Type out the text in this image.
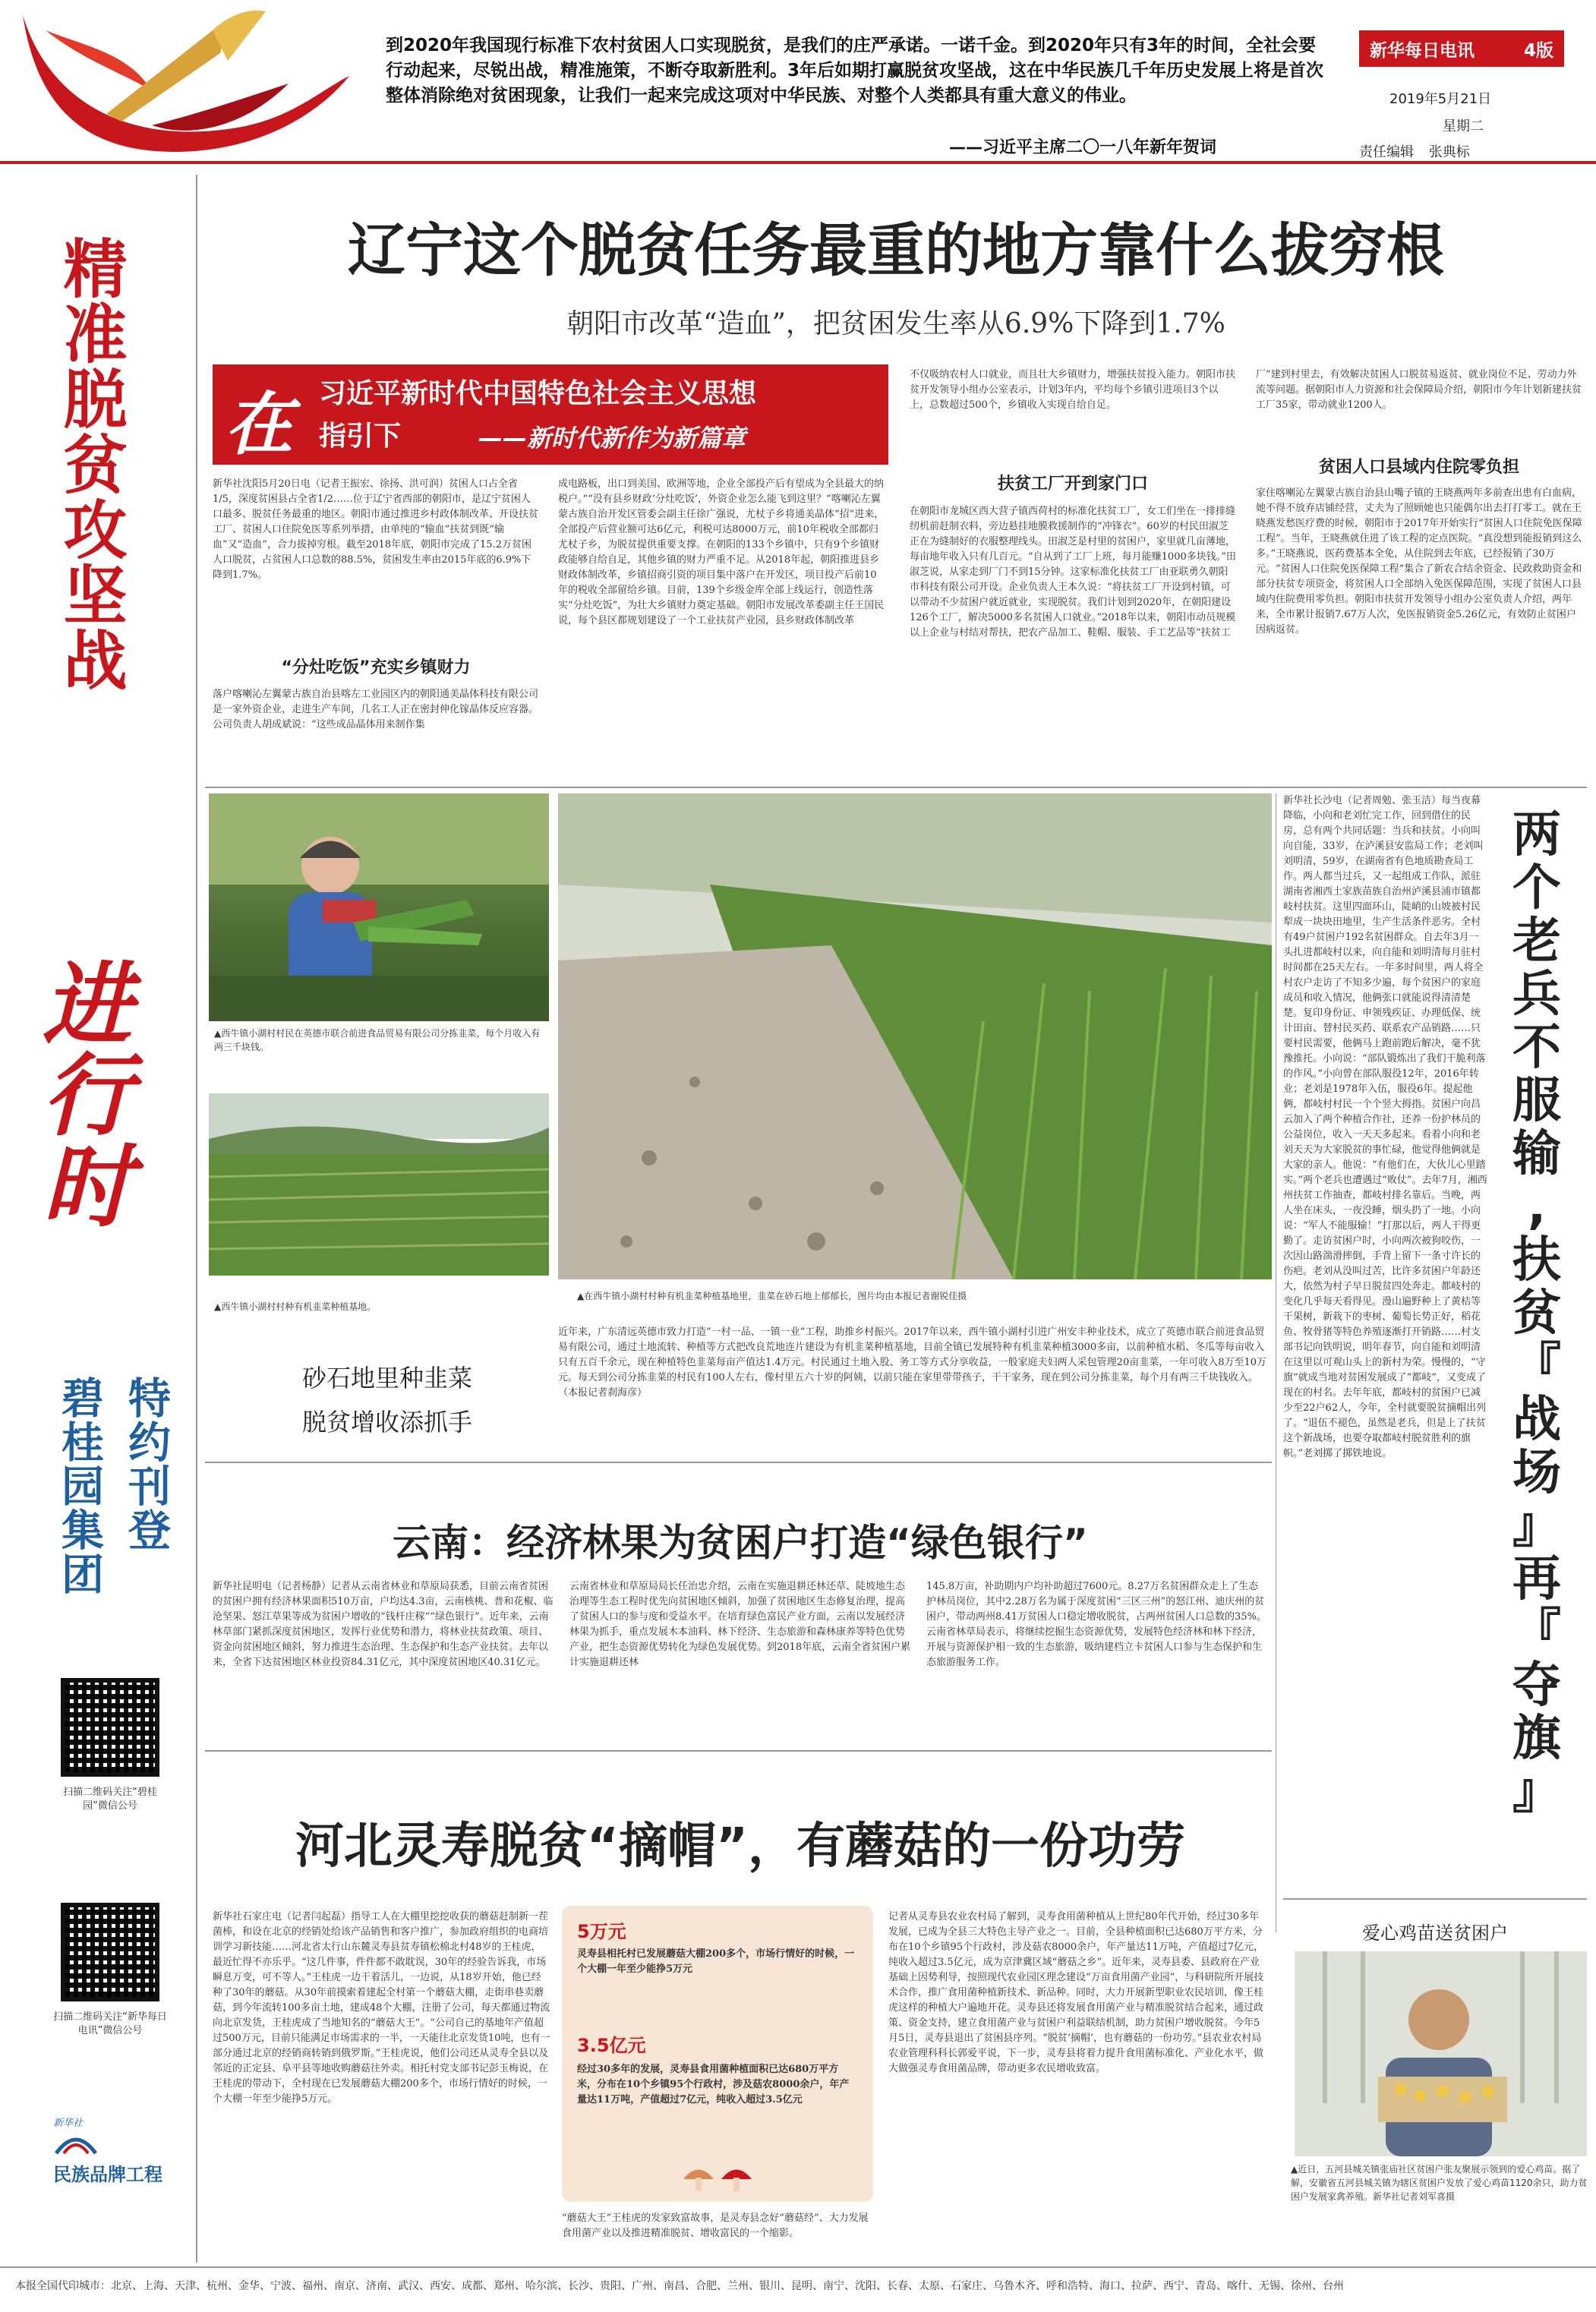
到2020年我国现行标准下农村贫困人口实现脱贫，是我们的庄严承诺。一诺千金。到2020年只有3年的时间，全社会要行动起来，尽锐出战，精准施策，不断夺取新胜利。3年后如期打赢脱贫攻坚战，这在中华民族几千年历史发展上将是首次整体消除绝对贫困现象，让我们一起来完成这项对中华民族、对整个人类都具有重大意义的伟业。
——习近平主席二〇一八年新年贺词
新华每日电讯	4版
2019年5月21日
星期二
责任编辑 张典标
精准脱贫攻坚战
进行时
碧桂园集团 特约刊登
扫描二维码关注“碧桂园”微信公号
扫描二维码关注“新华每日电讯”微信公号
新华社
民族品牌工程
辽宁这个脱贫任务最重的地方靠什么拔穷根
朝阳市改革“造血”，把贫困发生率从6.9%下降到1.7%
在 习近平新时代中国特色社会主义思想
指引下	——新时代新作为新篇章
新华社沈阳5月20日电（记者王振宏、徐扬、洪可润）贫困人口占全省1/5，深度贫困县占全省1/2……位于辽宁省西部的朝阳市，是辽宁贫困人口最多、脱贫任务最重的地区。朝阳市通过推进乡村政体制改革、开设扶贫工厂、贫困人口住院免医等系列举措，由单纯的“输血”扶贫到既“输血”又“造血”，合力拔掉穷根。截至2018年底，朝阳市完成了15.2万贫困人口脱贫，占贫困人口总数的88.5%，贫困发生率由2015年底的6.9%下降到1.7%。
“分灶吃饭”充实乡镇财力
落户喀喇沁左翼蒙古族自治县喀左工业园区内的朝阳通美晶体科技有限公司是一家外资企业，走进生产车间，几名工人正在密封伸化镓晶体反应容器。公司负责人胡成斌说：“这些成品晶体用来制作集
成电路板，出口到美国、欧洲等地，企业全部投产后有望成为全县最大的纳税户。”“没有县乡财政‘分灶吃饭’，外资企业怎么能飞到这里？”喀喇沁左翼蒙古族自治开发区管委会副主任徐广强说，尤杖子乡将通美晶体“招”进来，全部投产后营业额可达6亿元，利税可达8000万元，前10年税收全部都归尤杖子乡，为脱贫提供重要支撑。在朝阳的133个乡镇中，只有9个乡镇财政能够自给自足，其他乡镇的财力严重不足。从2018年起，朝阳推进县乡财政体制改革，乡镇招商引资的项目集中落户在开发区，项目投产后前10年的税收全部留给乡镇。目前，139个乡级金库全部上线运行，创造性落实“分灶吃饭”，为壮大乡镇财力奠定基础。朝阳市发展改革委副主任王国民说，每个县区都规划建设了一个工业扶贫产业园，县乡财政体制改革
不仅吸纳农村人口就业，而且壮大乡镇财力，增强扶贫投入能力。朝阳市扶贫开发领导小组办公室表示，计划3年内，平均每个乡镇引进项目3个以上，总数超过500个，乡镇收入实现自给自足。
扶贫工厂开到家门口
在朝阳市龙城区西大营子镇西荷村的标准化扶贫工厂，女工们坐在一排排缝纫机前赶制衣料，旁边悬挂地膜救援制作的“冲锋衣”。60岁的村民田淑芝正在为缝制好的衣服整理线头。田淑芝是村里的贫困户，家里就几亩薄地，每亩地年收入只有几百元。“自从到了工厂上班，每月能赚1000多块钱。”田淑芝说，从家走到厂门不到15分钟。这家标准化扶贫工厂由亚联勇久朝阳市科技有限公司开设。企业负责人王本久说：“将扶贫工厂开设到村镇，可以带动不少贫困户就近就业，实现脱贫。我们计划到2020年，在朝阳建设126个工厂，解决5000多名贫困人口就业。”2018年以来，朝阳市动员规模以上企业与村结对帮扶，把农产品加工、鞋帽、服装、手工艺品等“扶贫工
厂”建到村里去，有效解决贫困人口脱贫易返贫、就业岗位不足、劳动力外流等问题。据朝阳市人力资源和社会保障局介绍，朝阳市今年计划新建扶贫工厂35家，带动就业1200人。
贫困人口县域内住院零负担
家住喀喇沁左翼蒙古族自治县山嘴子镇的王晓燕两年多前查出患有白血病，她不得不放弃店铺经营，丈夫为了照顾她也只能偶尔出去打打零工。就在王晓燕发愁医疗费的时候，朝阳市于2017年开始实行“贫困人口住院免医保障工程”。当年，王晓燕就住进了该工程的定点医院。“真没想到能报销到这么多。”王晓燕说，医药费基本全免，从住院到去年底，已经报销了30万元。“贫困人口住院免医保障工程”集合了新农合结余资金、民政救助资金和部分扶贫专项资金，将贫困人口全部纳入免医保障范围，实现了贫困人口县域内住院费用零负担。朝阳市扶贫开发领导小组办公室负责人介绍，两年来，全市累计报销7.67万人次，免医报销资金5.26亿元，有效防止贫困户因病返贫。
▲西牛镇小湖村村民在英德市联合前进食品贸易有限公司分拣韭菜，每个月收入有两三千块钱。
▲西牛镇小湖村村种有机韭菜种植基地。
▲在西牛镇小湖村村种有机韭菜种植基地里，韭菜在砂石地上郁郁长，图片均由本报记者谢锐佳摄
砂石地里种韭菜
脱贫增收添抓手
近年来，广东清远英德市致力打造“一村一品、一镇一业”工程，助推乡村振兴。2017年以来，西牛镇小湖村引进广州安丰种业技术，成立了英德市联合前进食品贸易有限公司，通过土地流转、种植等方式把改良荒地连片建设为有机韭菜种植基地，目前全镇已发展特种有机韭菜种植3000多亩，以前种植水稻、冬瓜等每亩收入只有五百千余元，现在种植特色韭菜每亩产值达1.4万元。村民通过土地入股、务工等方式分享收益，一般家庭夫妇两人采包管理20亩韭菜，一年可收入8万至10万元。每天到公司分拣韭菜的村民有100人左右，像村里五六十岁的阿姨，以前只能在家里带带孩子，干干家务，现在到公司分拣韭菜，每个月有两三千块钱收入。（本报记者刹海彦）
两
个
老
兵
不
服
输
,
扶
贫
『
战
场
』
再
『
夺
旗
』
新华社长沙电（记者周勉、张玉洁）每当夜幕降临，小向和老刘忙完工作，回到借住的民房，总有两个共同话题：当兵和扶贫。小向叫向自能，33岁，在泸溪县安监局工作；老刘叫刘明清，59岁，在湖南省有色地质勘查局工作。两人都当过兵，又一起组成工作队，派驻湖南省湘西土家族苗族自治州泸溪县浦市镇都岐村扶贫。这里四面环山，陡峭的山坡被村民犁成一块块田地里，生产生活条件恶劣。全村有49户贫困户192名贫困群众。自去年3月一头扎进都岐村以来，向自能和刘明清每月驻村时间都在25天左右。一年多时间里，两人将全村农户走访了不知多少遍，每个贫困户的家庭成员和收入情况，他俩张口就能说得清清楚楚。复印身份证、申领残疾证、办理低保、统计田亩、替村民买药、联系农产品销路……只要村民需要，他俩马上跑前跑后解决，毫不犹豫推托。小向说：“部队锻炼出了我们干脆利落的作风。”小向曾在部队服役12年，2016年转业；老刘是1978年入伍，服役6年。提起他俩，都岐村村民一个个竖大拇指。贫困户向昌云加入了两个种植合作社，还养一份护林员的公益岗位，收入一天天多起来。看着小向和老刘天天为大家脱贫的事忙碌，他觉得他俩就是大家的亲人。他说：“有他们在，大伙儿心里踏实。”两个老兵也遭遇过“败仗”。去年7月，湘西州扶贫工作抽查，都岐村排名靠后。当晚，两人坐在床头，一夜没睡，烟头扔了一地。小向说：“军人不能服输！”打那以后，两人干得更勤了。走访贫困户时，小向两次被狗咬伤，一次因山路湍滑摔倒，手背上留下一条寸许长的伤疤。老刘从没叫过苦，比许多贫困户年龄还大，依然为村子早日脱贫四处奔走。都岐村的变化几乎每天看得见。漫山遍野种上了黄桔等干果树，新栽下的枣树、葡萄长势正好，稻花鱼、牧骨猪等特色养殖逐渐打开销路……村支部书记向铁明说，明年春节，向自能和刘明清在这里以可观山头上的新村为荣。慢慢的，“守旗”就成当地对贫困发展成了“都岐”，又变成了现在的村名。去年年底，都岐村的贫困户已减少至22户62人，今年，全村就要脱贫摘帽出列了。“退伍不褪色，虽然是老兵，但是上了扶贫这个新战场，也要夺取都岐村脱贫胜利的旗帜。”老刘掷了掷铁地说。
云南：经济林果为贫困户打造“绿色银行”
新华社昆明电（记者杨静）记者从云南省林业和草原局获悉，目前云南省贫困的贫困户拥有经济林果面积510万亩，户均达4.3亩，云南核桃、普和花椒、临沧坚果、怒江草果等成为贫困户增收的“钱杆庄稼”“绿色银行”。近年来，云南林草部门紧抓深度贫困地区，发挥行业优势和潜力，将林业扶贫政策、项目、资金向贫困地区倾斜，努力推进生态治理、生态保护和生态产业扶贫。去年以来，全省下达贫困地区林业投资84.31亿元，其中深度贫困地区40.31亿元。
云南省林业和草原局局长任治忠介绍，云南在实施退耕还林还草、陡坡地生态治理等生态工程时优先向贫困地区倾斜，加强了贫困地区生态修复治理，提高了贫困人口的参与度和受益水平。在培育绿色富民产业方面，云南以发展经济林果为抓手，重点发展木本油料、林下经济、生态旅游和森林康养等特色优势产业，把生态资源优势转化为绿色发展优势。到2018年底，云南全省贫困户累计实施退耕还林
145.8万亩，补助期内户均补助超过7600元。8.27万名贫困群众走上了生态护林员岗位，其中2.28万名为属于深度贫困“三区三州”的怒江州、迪庆州的贫困户，带动两州8.41万贫困人口稳定增收脱贫，占两州贫困人口总数的35%。云南省林草局表示，将继续挖掘生态资源优势，发展特色经济林和林下经济，开展与资源保护相一致的生态旅游，吸纳建档立卡贫困人口参与生态保护和生态旅游服务工作。
河北灵寿脱贫“摘帽”，有蘑菇的一份功劳
新华社石家庄电（记者闫起磊）指导工人在大棚里挖挖收获的蘑菇赶制新一茬菌棒，和设在北京的经销处给该产品销售和客户推广，参加政府组织的电商培训学习新技能……河北省太行山东麓灵寿县贫寿镇松棉北村48岁的王桂虎，最近忙得不亦乐乎。“这几件事，件件都不敢耽误，30年的经验告诉我，市场瞬息万变，可不等人。”王桂虎一边干着活儿，一边说，从18岁开始，他已经种了30年的蘑菇。从30年前摸索着建起全村第一个蘑菇大棚，走街串巷卖蘑菇，到今年流转100多亩土地，建成48个大棚，注册了公司，每天都通过物流向北京发货，王桂虎成了当地知名的“蘑菇大王”。“公司自己的基地年产值超过500万元，目前只能满足市场需求的一半，一天能往北京发货10吨，也有一部分通过北京的经销商转销到俄罗斯。”王桂虎说，他们公司还从灵寿全县以及邻近的正定县、阜平县等地收购蘑菇往外卖。相托村党支部书记彭玉梅说，在王桂虎的带动下，全村现在已发展蘑菇大棚200多个，市场行情好的时候，一个大棚一年至少能挣5万元。
5万元
灵寿县相托村已发展蘑菇大棚200多个，市场行情好的时候，一个大棚一年至少能挣5万元
3.5亿元
经过30多年的发展，灵寿县食用菌种植面积已达680万平方米，分布在10个乡镇95个行政村，涉及菇农8000余户，年产量达11万吨，产值超过7亿元，纯收入超过3.5亿元
“蘑菇大王”王桂虎的发家致富故事，是灵寿县念好“蘑菇经”、大力发展食用菌产业以及推进精准脱贫、增收富民的一个缩影。
记者从灵寿县农业农村局了解到，灵寿食用菌种植从上世纪80年代开始，经过30多年发展，已成为全县三大特色主导产业之一。目前，全县种植面积已达680万平方米，分布在10个乡镇95个行政村，涉及菇农8000余户，年产量达11万吨，产值超过7亿元，纯收入超过3.5亿元，成为京津冀区域“蘑菇之乡”。近年来，灵寿县委、县政府在产业基础上因势利导，按照现代农业园区理念建设“万亩食用菌产业园”，与科研院所开展技术合作，推广食用菌种植新技术、新品种。同时，大力开展新型职业农民培训，像王桂虎这样的种植大户遍地开花。灵寿县还将发展食用菌产业与精准脱贫结合起来，通过政策、资金支持，建立食用菌产业与贫困户利益联结机制，助力贫困户增收脱贫。今年5月5日，灵寿县退出了贫困县序列。“脱贫‘摘帽’，也有蘑菇的一份功劳。”县农业农村局农业管理科科长郭爱平说，下一步，灵寿县将着力提升食用菌标准化、产业化水平，做大做强灵寿食用菌品牌，带动更多农民增收致富。
爱心鸡苗送贫困户
▲近日，五河县城关镇张庙社区贫困户张友聚展示领到的爱心鸡苗。据了解，安徽省五河县城关镇为辖区贫困户发放了爱心鸡苗1120余只，助力贫困户发展家禽养殖。新华社记者刘军喜摄
本报全国代印城市：北京、上海、天津、杭州、金华、宁波、福州、南京、济南、武汉、西安、成都、郑州、哈尔滨、长沙、贵阳、广州、南昌、合肥、兰州、银川、昆明、南宁、沈阳、长春、太原、石家庄、乌鲁木齐、呼和浩特、海口、拉萨、西宁、青岛、喀什、无锡、徐州、台州
